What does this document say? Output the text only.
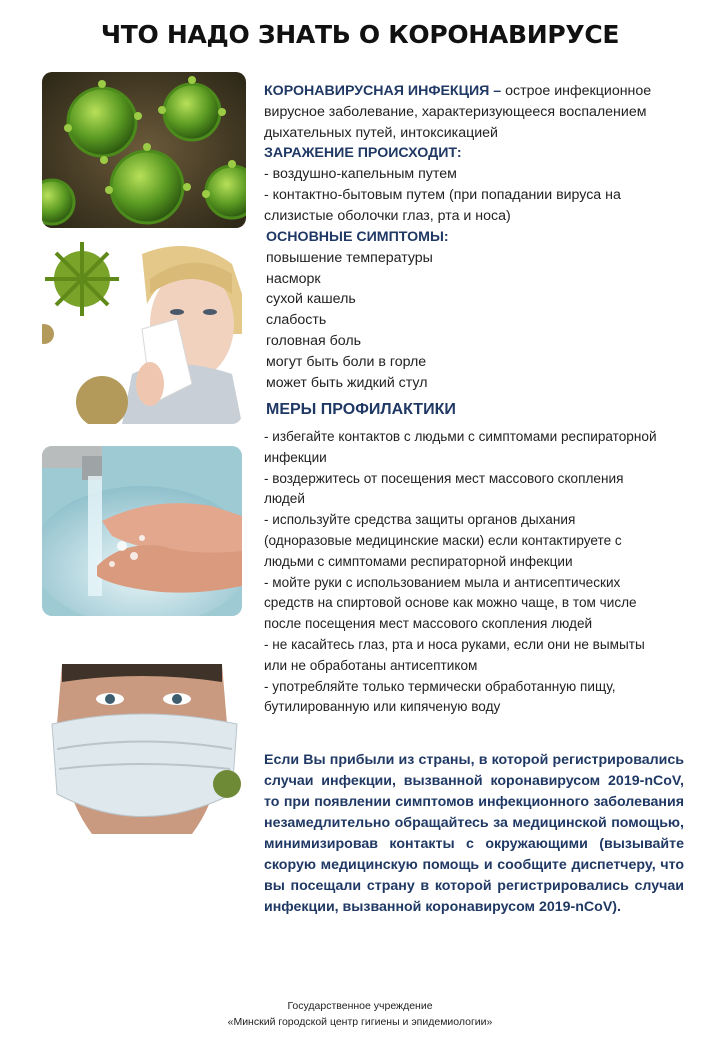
ЧТО НАДО ЗНАТЬ О КОРОНАВИРУСЕ
КОРОНАВИРУСНАЯ ИНФЕКЦИЯ – острое инфекционное
вирусное заболевание, характеризующееся воспалением
дыхательных путей, интоксикацией
ЗАРАЖЕНИЕ ПРОИСХОДИТ:
- воздушно-капельным путем
- контактно-бытовым путем (при попадании вируса на
слизистые оболочки глаз, рта и носа)
ОСНОВНЫЕ СИМПТОМЫ:
повышение температуры
насморк
сухой кашель
слабость
головная боль
могут быть боли в горле
может быть жидкий стул
МЕРЫ ПРОФИЛАКТИКИ
- избегайте контактов с людьми с симптомами респираторной
инфекции
- воздержитесь от посещения мест массового скопления
людей
- используйте средства защиты органов дыхания
(одноразовые медицинские маски) если контактируете с
людьми с симптомами респираторной инфекции
- мойте руки с использованием мыла и антисептических
средств на спиртовой основе как можно чаще, в том числе
после посещения мест массового скопления людей
- не касайтесь глаз, рта и носа руками, если они не вымыты
или не обработаны антисептиком
- употребляйте только термически обработанную пищу,
бутилированную или кипяченую воду
Если Вы прибыли из страны, в которой регистрировались случаи инфекции, вызванной коронавирусом 2019-nCoV, то при появлении симптомов инфекционного заболевания незамедлительно обращайтесь за медицинской помощью, минимизировав контакты с окружающими (вызывайте скорую медицинскую помощь и сообщите диспетчеру, что вы посещали страну в которой регистрировались случаи инфекции, вызванной коронавирусом 2019-nCoV).
Государственное учреждение
«Минский городской центр гигиены и эпидемиологии»
